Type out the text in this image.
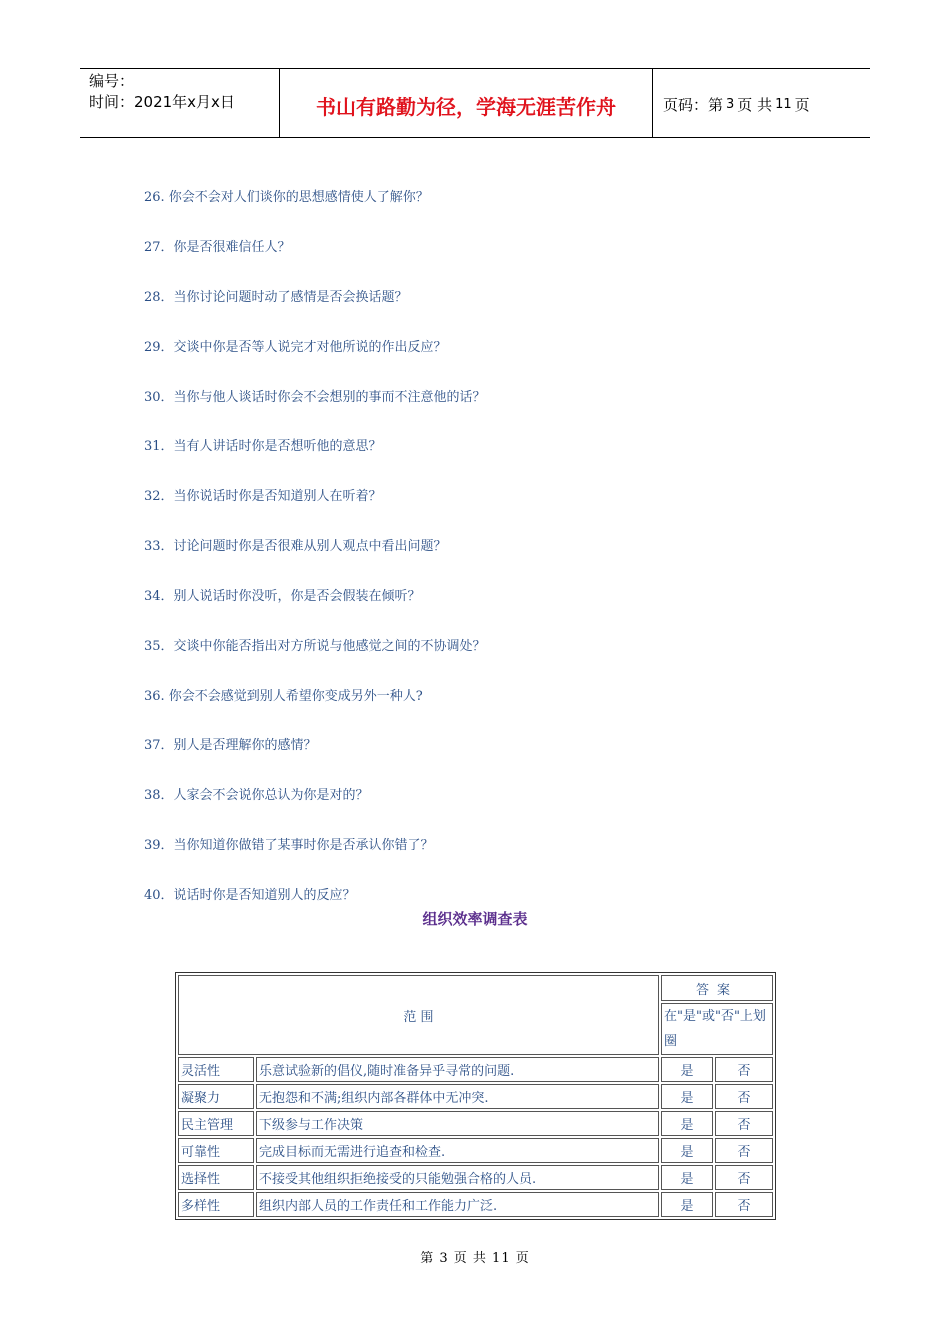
编号：
时间：2021年x月x日	书山有路勤为径，学海无涯苦作舟	页码：第 3 页 共 11 页
26. 你会不会对人们谈你的思想感情使人了解你？
27．你是否很难信任人？
28．当你讨论问题时动了感情是否会换话题？
29．交谈中你是否等人说完才对他所说的作出反应？
30．当你与他人谈话时你会不会想别的事而不注意他的话？
31．当有人讲话时你是否想听他的意思？
32．当你说话时你是否知道别人在听着？
33．讨论问题时你是否很难从别人观点中看出问题？
34．别人说话时你没听，你是否会假装在倾听？
35．交谈中你能否指出对方所说与他感觉之间的不协调处？
36. 你会不会感觉到别人希望你变成另外一种人?
37．别人是否理解你的感情？
38．人家会不会说你总认为你是对的？
39．当你知道你做错了某事时你是否承认你错了？
40．说话时你是否知道别人的反应？
组织效率调查表
范 围		答案	
		在"是"或"否"上划圈	
灵活性	乐意试验新的倡仪,随时准备异乎寻常的问题.	是	否
凝聚力	无抱怨和不满;组织内部各群体中无冲突.	是	否
民主管理	下级参与工作决策	是	否
可靠性	完成目标而无需进行追查和检查.	是	否
选择性	不接受其他组织拒绝接受的只能勉强合格的人员.	是	否
多样性	组织内部人员的工作责任和工作能力广泛.	是	否
第 3 页 共 11 页
